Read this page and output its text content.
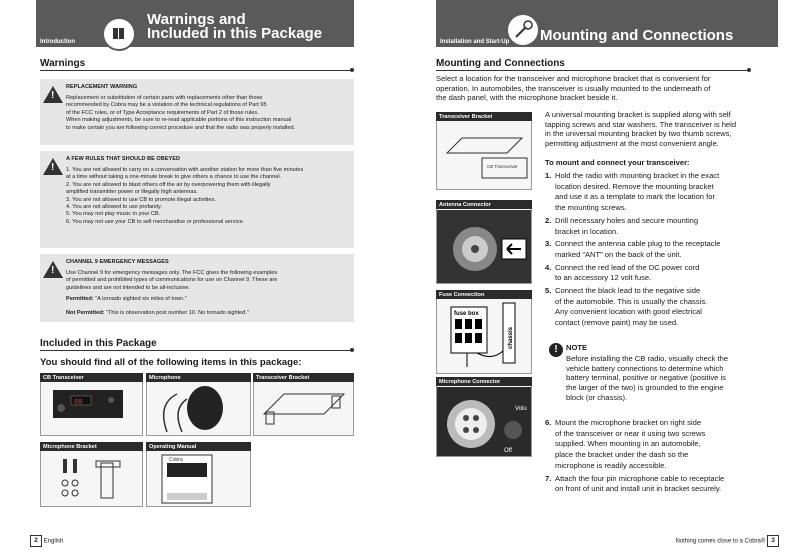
Introduction
Warnings and
Included in this Package
Warnings
!
REPLACEMENT WARNING
Replacement or substitution of certain parts with replacements other than those
recommended by Cobra may be a violation of the technical regulations of Part 95
of the FCC rules, or of Type Acceptance requirements of Part 2 of those rules.
When making adjustments, be sure to re-read applicable portions of this instruction manual
to make certain you are following correct procedure and that the radio was properly installed.
!
A FEW RULES THAT SHOULD BE OBEYED
1. You are not allowed to carry on a conversation with another station for more than five minutes
at a time without taking a one-minute break to give others a chance to use the channel.
2. You are not allowed to blast others off the air by overpowering them with illegally
amplified transmitter power or illegally high antennas.
3. You are not allowed to use CB to promote illegal activities.
4. You are not allowed to use profanity.
5. You may not play music in your CB.
6. You may not use your CB to sell merchandise or professional service.
!
CHANNEL 9 EMERGENCY MESSAGES
Use Channel 9 for emergency messages only. The FCC gives the following examples
of permitted and prohibited types of communications for use on Channel 9. These are
guidelines and are not intended to be all-inclusive.
Permitted: “A tornado sighted six miles of town.”
Not Permitted: “This is observation post number 10. No tornado sighted.”
Included in this Package
You should find all of the following items in this package:
88
CB Transceiver	Microphone	Transceiver Bracket
Microphone Bracket
Cobra
Operating Manual
2 English
Installation and Start-Up Mounting and Connections
Mounting and Connections
Select a location for the transceiver and microphone bracket that is convenient for
operation. In automobiles, the transceiver is usually mounted to the underneath of
the dash panel, with the microphone bracket beside it.
CB Transceiver
Transceiver Bracket
Antenna Connector
fuse box
chassis
Fuse Connection
Volu
Off
Microphone Connector
A universal mounting bracket is supplied along with self
tapping screws and star washers. The transceiver is held
in the universal mounting bracket by two thumb screws,
permitting adjustment at the most convenient angle.
To mount and connect your transceiver:
1. Hold the radio with mounting bracket in the exact
location desired. Remove the mounting bracket
and use it as a template to mark the location for
the mounting screws.
2. Drill necessary holes and secure mounting
bracket in location.
3. Connect the antenna cable plug to the receptacle
marked “ANT” on the back of the unit.
4. Connect the red lead of the DC power cord
to an accessory 12 volt fuse.
5. Connect the black lead to the negative side
of the automobile. This is usually the chassis.
Any convenient location with good electrical
contact (remove paint) may be used.
!	NOTE
Before installing the CB radio, visually check the
vehicle battery connections to determine which
battery terminal, positive or negative (positive is
the larger of the two) is grounded to the engine
block (or chassis).
6. Mount the microphone bracket on right side
of the transceiver or near it using two screws
supplied. When mounting in an automobile,
place the bracket under the dash so the
microphone is readily accessible.
7. Attach the four pin microphone cable to receptacle
on front of unit and install unit in bracket securely.
Nothing comes close to a Cobra® 3
